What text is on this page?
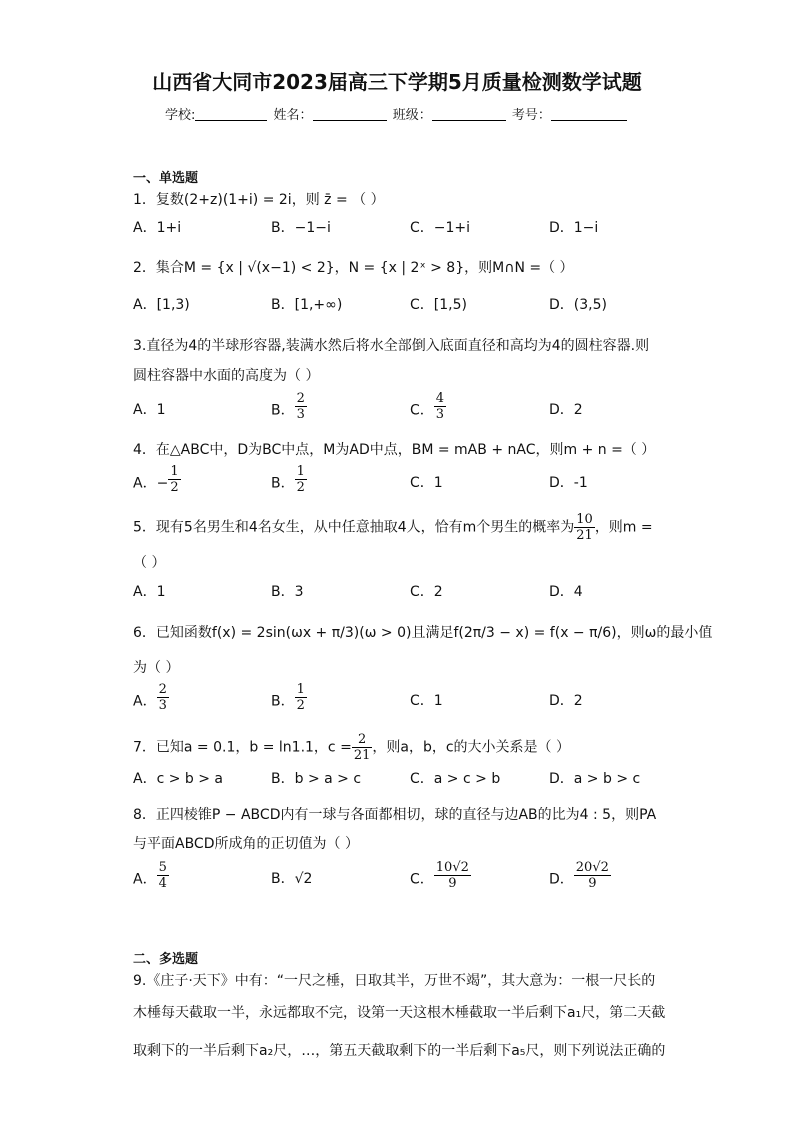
山西省大同市2023届高三下学期5月质量检测数学试题
学校:	姓名：	班级：	考号：
一、单选题
1．复数(2+z)(1+i) = 2i，则 z̄ = （ ）
A．1+i	B．−1−i	C．−1+i	D．1−i
2．集合M = {x | √(x−1) < 2}，N = {x | 2ˣ > 8}，则M∩N =（ ）
A．[1,3)	B．[1,+∞)	C．[1,5)	D．(3,5)
3.直径为4的半球形容器,装满水然后将水全部倒入底面直径和高均为4的圆柱容器.则
圆柱容器中水面的高度为（ ）
A．1	B． $\frac{2}{3}$	C． $\frac{4}{3}$	D．2
4．在△ABC中，D为BC中点，M为AD中点，BM = mAB + nAC，则m + n =（ ）
A．− $\frac{1}{2}$	B． $\frac{1}{2}$	C．1	D．-1
5．现有5名男生和4名女生，从中任意抽取4人，恰有m个男生的概率为 $\frac{10}{21}$ ，则m =
（ ）
A．1	B．3	C．2	D．4
6．已知函数f(x) = 2sin(ωx + π/3)(ω > 0)且满足f(2π/3 − x) = f(x − π/6)，则ω的最小值
为（ ）
A． $\frac{2}{3}$	B． $\frac{1}{2}$	C．1	D．2
7．已知a = 0.1，b = ln1.1，$c = \frac{2}{21}$ ，则a，b，c的大小关系是（ ）
A．c > b > a	B．b > a > c	C．a > c > b	D．a > b > c
8．正四棱锥P − ABCD内有一球与各面都相切，球的直径与边AB的比为4 : 5，则PA
与平面ABCD所成角的正切值为（ ）
A． $\frac{5}{4}$	B．√2	C． $\frac{10√2}{9}$	D． $\frac{20√2}{9}$
二、多选题
9.《庄子·天下》中有：“一尺之棰，日取其半，万世不竭”，其大意为：一根一尺长的
木棰每天截取一半，永远都取不完，设第一天这根木棰截取一半后剩下a₁尺，第二天截
取剩下的一半后剩下a₂尺，…，第五天截取剩下的一半后剩下a₅尺，则下列说法正确的
